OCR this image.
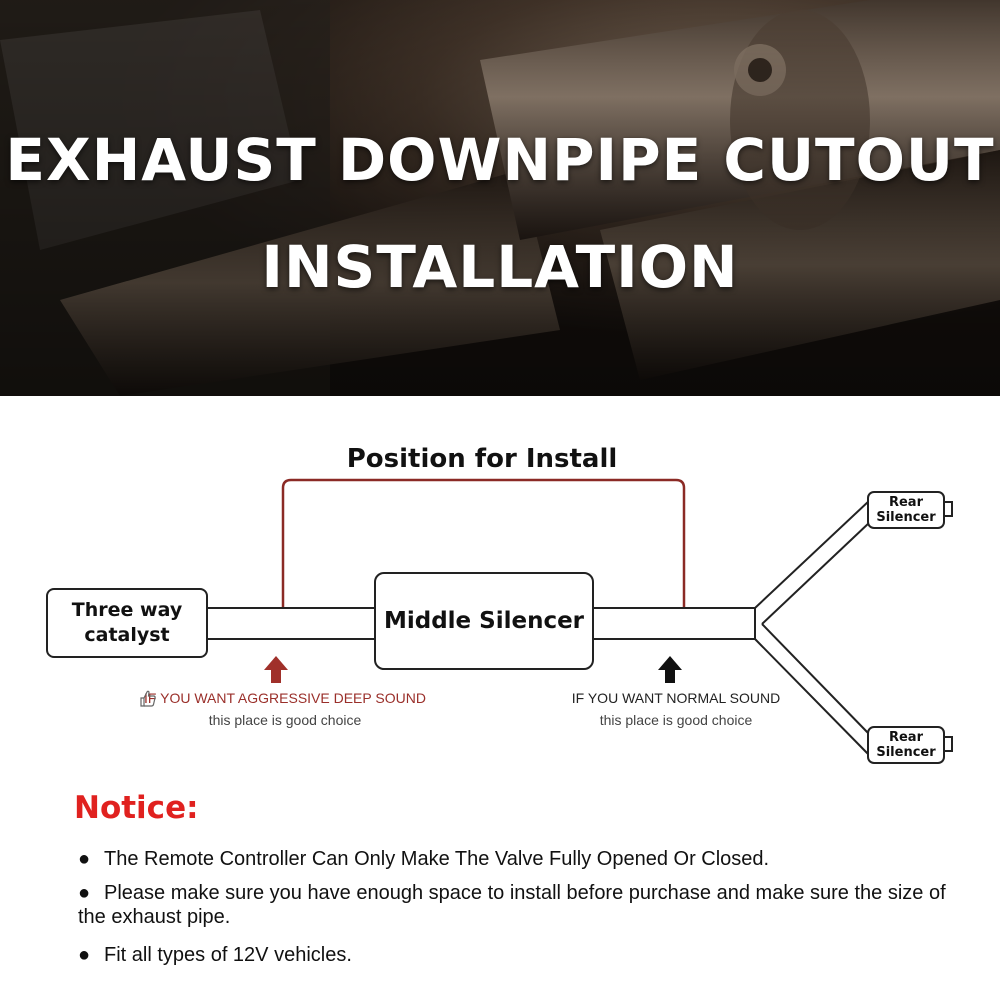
EXHAUST DOWNPIPE CUTOUT
INSTALLATION
Position for Install
Three way catalyst
Middle Silencer
Rear Silencer
Rear Silencer
IF YOU WANT AGGRESSIVE DEEP SOUND
this place is good choice
IF YOU WANT NORMAL SOUND
this place is good choice
Notice:
● The Remote Controller Can Only Make The Valve Fully Opened Or Closed.
● Please make sure you have enough space to install before purchase and make sure the size of the exhaust pipe.
● Fit all types of 12V vehicles.
